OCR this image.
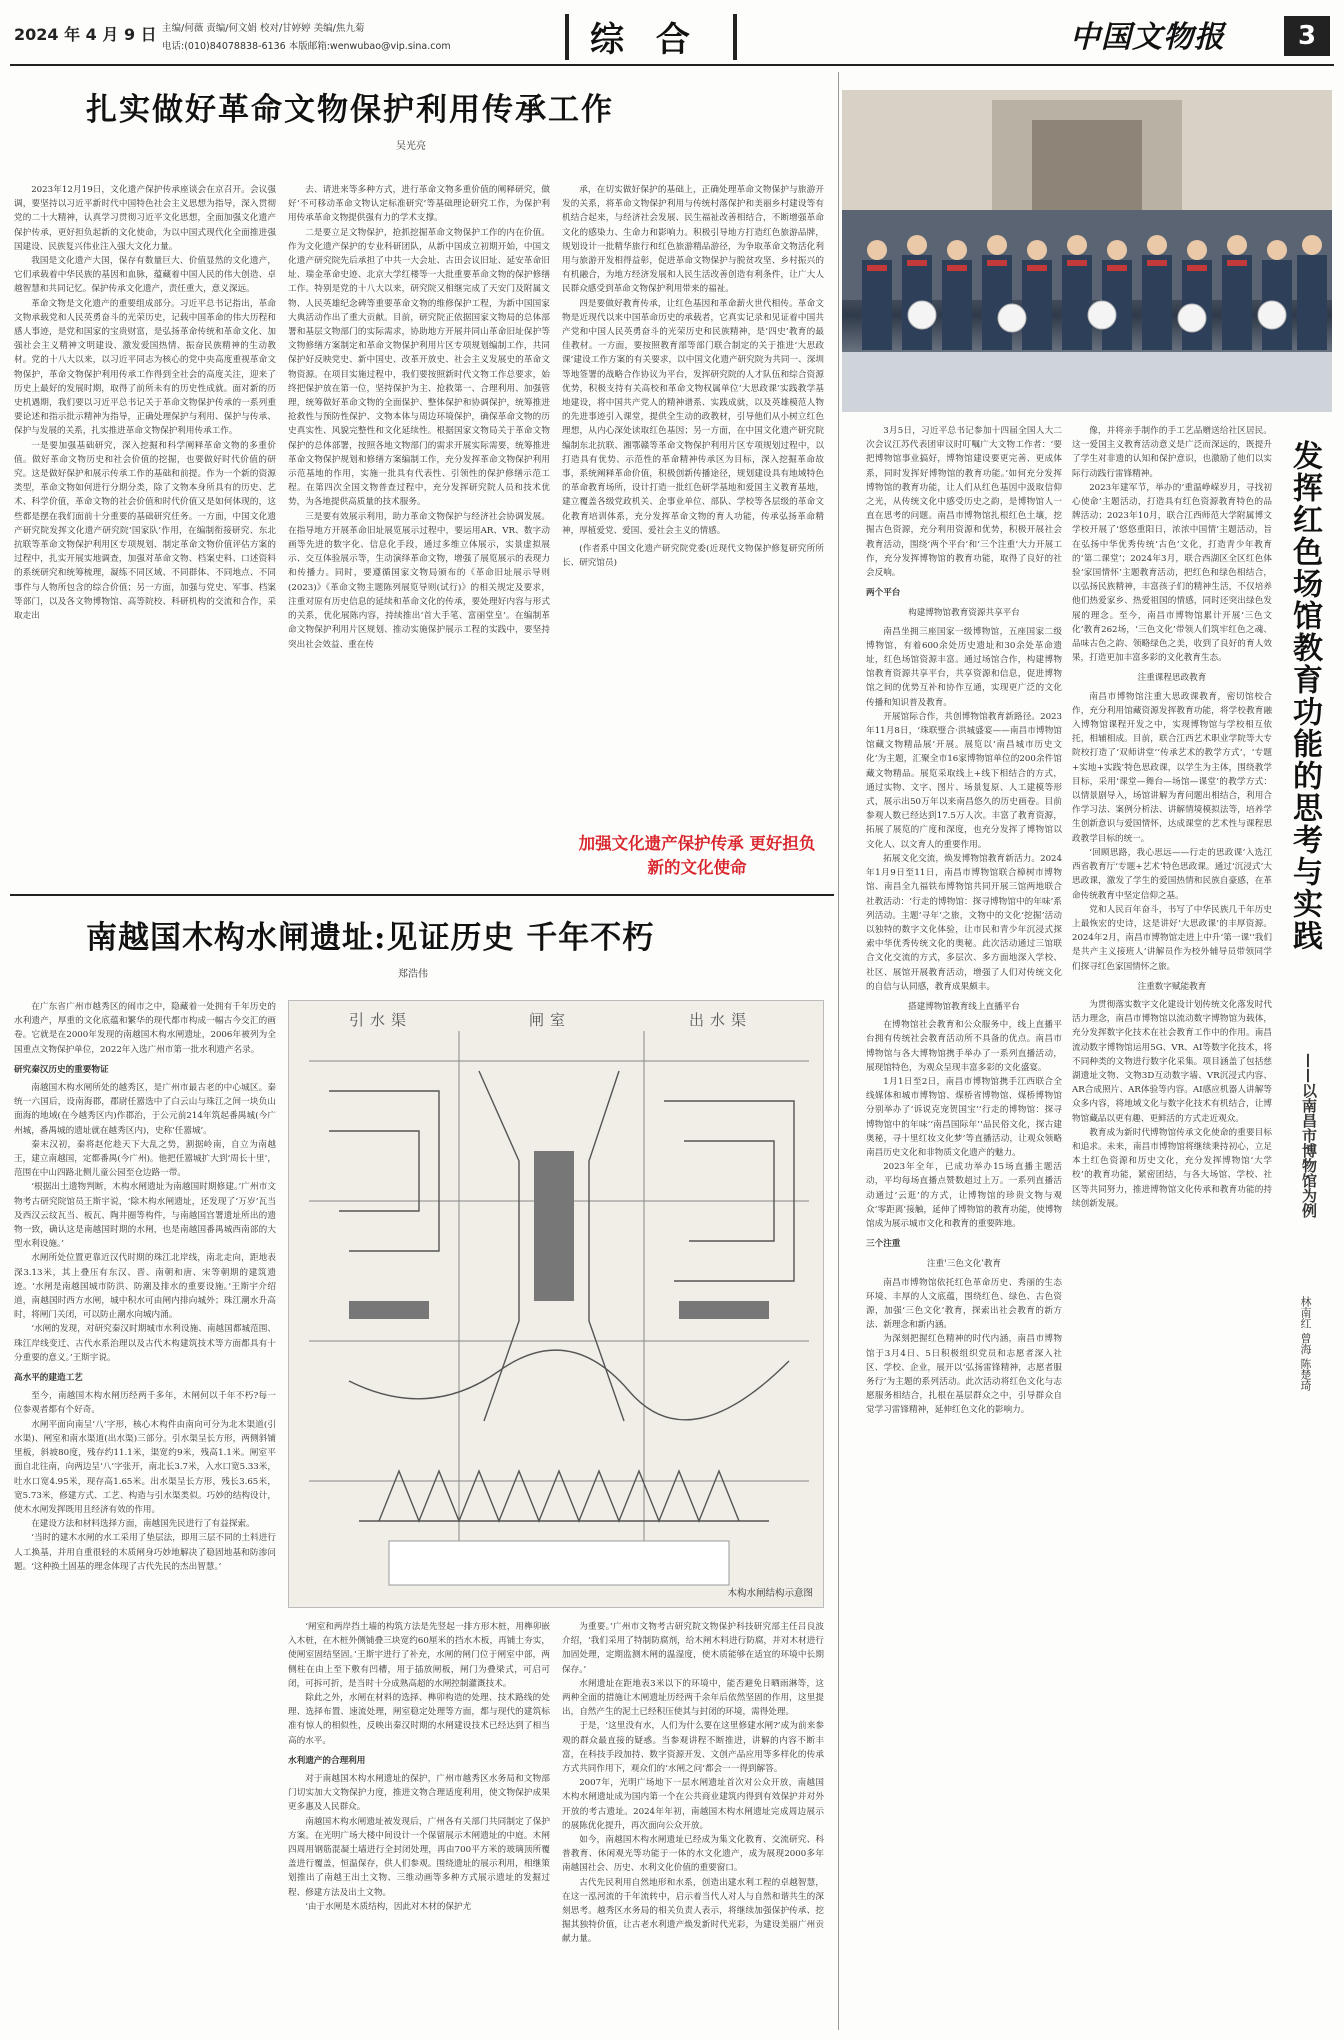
2024 年 4 月 9 日 主编/何薇 责编/何文娟 校对/甘婷婷 美编/焦九菊
电话:(010)84078838-6136 本版邮箱:wenwubao@vip.sina.com	综 合	中国文物报	3
扎实做好革命文物保护利用传承工作
吴光亮

2023年12月19日，文化遗产保护传承座谈会在京召开。会议强调，要坚持以习近平新时代中国特色社会主义思想为指导，深入贯彻党的二十大精神，认真学习贯彻习近平文化思想，全面加强文化遗产保护传承，更好担负起新的文化使命，为以中国式现代化全面推进强国建设、民族复兴伟业注入强大文化力量。

我国是文化遗产大国，保存有数量巨大、价值显然的文化遗产，它们承载着中华民族的基因和血脉，蕴藏着中国人民的伟大创造、卓越智慧和共同记忆。保护传承文化遗产，责任重大，意义深远。

革命文物是文化遗产的重要组成部分。习近平总书记指出，革命文物承载党和人民英勇奋斗的光荣历史，记载中国革命的伟大历程和感人事迹，是党和国家的宝贵财富，是弘扬革命传统和革命文化、加强社会主义精神文明建设、激发爱国热情、振奋民族精神的生动教材。党的十八大以来，以习近平同志为核心的党中央高度重视革命文物保护，革命文物保护利用传承工作得到全社会的高度关注，迎来了历史上最好的发展时期，取得了前所未有的历史性成就。面对新的历史机遇期，我们要以习近平总书记关于革命文物保护传承的一系列重要论述和指示批示精神为指导，正确处理保护与利用、保护与传承、保护与发展的关系，扎实推进革命文物保护利用传承工作。

一是要加强基础研究，深入挖掘和科学阐释革命文物的多重价值。做好革命文物历史和社会价值的挖掘，也要做好时代价值的研究。这是做好保护和展示传承工作的基础和前提。作为一个新的资源类型，革命文物如何进行分期分类，除了文物本身所具有的历史、艺术、科学价值，革命文物的社会价值和时代价值又是如何体现的，这些都是摆在我们面前十分重要的基础研究任务。一方面，中国文化遗产研究院发挥文化遗产研究院‘国家队’作用，在编制衔接研究、东北抗联等革命文物保护利用区专项规划、制定革命文物价值评估方案的过程中，扎实开展实地调查，加强对革命文物、档案史料、口述资料的系统研究和统筹梳理，凝练不同区域、不同群体、不同地点、不同事件与人物所包含的综合价值；另一方面，加强与党史、军事、档案等部门，以及各文物博物馆、高等院校、科研机构的交流和合作，采取走出

去、请进来等多种方式，进行革命文物多重价值的阐释研究，做好‘不可移动革命文物认定标准研究’等基础理论研究工作，为保护利用传承革命文物提供强有力的学术支撑。

二是要立足文物保护，抢抓挖掘革命文物保护工作的内在价值。作为文化遗产保护的专业科研团队，从新中国成立初期开始，中国文化遗产研究院先后承担了中共一大会址、古田会议旧址、延安革命旧址、瑞金革命史迹、北京大学红楼等一大批重要革命文物的保护修缮工作。特别是党的十八大以来，研究院又相继完成了天安门及附属文物、人民英雄纪念碑等重要革命文物的维修保护工程，为新中国国家大典活动作出了重大贡献。目前，研究院正依据国家文物局的总体部署和基层文物部门的实际需求，协助地方开展并同山革命旧址保护等文物修缮方案制定和革命文物保护利用片区专项规划编制工作，共同保护好反映党史、新中国史、改革开放史、社会主义发展史的革命文物资源。在项目实施过程中，我们要按照新时代文物工作总要求，始终把保护放在第一位，坚持保护为主、抢救第一、合理利用、加强管理，统筹做好革命文物的全面保护、整体保护和协调保护，统筹推进抢救性与预防性保护、文物本体与周边环境保护，确保革命文物的历史真实性、风貌完整性和文化延续性。根据国家文物局关于革命文物保护的总体部署，按照各地文物部门的需求开展实际需要，统筹推进革命文物保护规划和修缮方案编制工作，充分发挥革命文物保护利用示范基地的作用，实施一批具有代表性、引领性的保护修缮示范工程。在第四次全国文物普查过程中，充分发挥研究院人员和技术优势，为各地提供高质量的技术服务。

三是要有效展示利用，助力革命文物保护与经济社会协调发展。在指导地方开展革命旧址展览展示过程中，要运用AR、VR、数字动画等先进的数字化、信息化手段，通过多维立体展示，实景虚拟展示、交互体验展示等，生动演绎革命文物，增强了展览展示的表现力和传播力。同时，要遵循国家文物局颁布的《革命旧址展示导则(2023)》《革命文物主题陈列展览导则(试行)》的相关规定及要求，注重对原有历史信息的延续和革命文化的传承，要处理好内容与形式的关系，优化展陈内容，持续推出‘首大手笔、富丽堂皇’。在编制革命文物保护利用片区规划、推动实施保护展示工程的实践中，要坚持突出社会效益、重在传

承，在切实做好保护的基础上，正确处理革命文物保护与旅游开发的关系，将革命文物保护利用与传统村落保护和美丽乡村建设等有机结合起来，与经济社会发展、民生福祉改善相结合，不断增强革命文化的感染力、生命力和影响力。积极引导地方打造红色旅游品牌，规划设计一批精华旅行和红色旅游精品游径，为争取革命文物活化利用与旅游开发相得益彰，促进革命文物保护与脱贫攻坚、乡村振兴的有机融合，为地方经济发展和人民生活改善创造有利条件，让广大人民群众感受到革命文物保护利用带来的福祉。

四是要做好教育传承，让红色基因和革命薪火世代相传。革命文物是近现代以来中国革命历史的承载者，它真实记录和见证着中国共产党和中国人民英勇奋斗的光荣历史和民族精神，是‘四史’教育的最佳教材。一方面，要按照教育部等部门联合制定的关于推进‘大思政课’建设工作方案的有关要求，以中国文化遗产研究院为共同一、深圳等地签署的战略合作协议为平台，发挥研究院的人才队伍和综合资源优势，积极支持有关高校和革命文物权属单位‘大思政课’实践教学基地建设，将中国共产党人的精神谱系、实践成就，以及英雄模范人物的先进事迹引入课堂，提供全生动的政教材，引导他们从小树立红色理想，从内心深处读取红色基因；另一方面，在中国文化遗产研究院编制东北抗联、湘鄂赣等革命文物保护利用片区专项规划过程中，以打造具有优势、示范性的革命精神传承区为目标，深入挖掘革命故事，系统阐释革命价值，积极创新传播途径，规划建设具有地域特色的革命教育场所，设计打造一批红色研学基地和爱国主义教育基地，建立覆盖各级党政机关、企事业单位、部队、学校等各层级的革命文化教育培训体系，充分发挥革命文物的育人功能，传承弘扬革命精神，厚植爱党、爱国、爱社会主义的情感。

(作者系中国文化遗产研究院党委(近现代文物保护修复研究所所长、研究馆员)

加强文化遗产保护传承 更好担负新的文化使命
南越国木构水闸遗址:见证历史 千年不朽
郑浩伟

在广东省广州市越秀区的闹市之中，隐藏着一处拥有千年历史的水利遗产，厚重的文化底蕴和繁华的现代都市构成一幅古今交汇的画卷。它就是在2000年发现的南越国木构水闸遗址，2006年被列为全国重点文物保护单位，2022年入选广州市第一批水利遗产名录。

研究秦汉历史的重要物证

南越国木构水闸所处的越秀区，是广州市最古老的中心城区。秦统一六国后，设南海郡，郡尉任嚣选中了白云山与珠江之间一块负山面海的地域(在今越秀区内)作郡治，于公元前214年筑起番禺城(今广州城，番禺城的遗址就在越秀区内)，史称‘任嚣城’。

秦末汉初，秦将赵佗趁天下大乱之势，割据岭南，自立为南越王，建立南越国，定都番禺(今广州)。他把任嚣城扩大到‘周长十里’，范围在中山四路北侧儿童公园至仓边路一带。

‘根据出土遗物判断，木构水闸遗址为南越国时期修建。’广州市文物考古研究院馆员王斯宇说，‘除木构水闸遗址，还发现了‘万岁’瓦当及西汉云纹瓦当、板瓦、陶井圈等构件，与南越国宫署遗址所出的遗物一致，确认这是南越国时期的水闸，也是南越国番禺城西南部的大型水利设施。’

水闸所处位置更靠近汉代时期的珠江北岸线，南北走向，距地表深3.13米，其上叠压有东汉、晋、南朝和唐、宋等朝期的建筑遗迹。‘水闸是南越国城市防洪、防潮及排水的重要设施。’王斯宇介绍道，南越国时西方水闸，城中积水可由闸内排向城外；珠江潮水升高时，将闸门关闭，可以防止潮水向城内涌。

‘水闸的发现，对研究秦汉时期城市水利设施、南越国都城范围、珠江岸线变迁、古代水系治理以及古代木构建筑技术等方面都具有十分重要的意义。’王斯宇说。

高水平的建造工艺

至今，南越国木构水闸历经两千多年，木闸何以千年不朽?每一位参观者都有个好奇。

水闸平面向南呈‘八’字形，核心木构件由南向可分为北木渠道(引水渠)、闸室和南水渠道(出水渠)三部分。引水渠呈长方形，两侧斜铺里板，斜坡80度，残存约11.1米，渠宽约9米，残高1.1米。闸室平面自北往南，向两边呈‘八’字张开，南北长3.7米，入水口宽5.33米，吐水口宽4.95米，现存高1.65米。出水渠呈长方形，残长3.65米，宽5.73米，修建方式、工艺、构造与引水渠类似。巧妙的结构设计，使木水闸发挥既用且经济有效的作用。

在建设方法和材料选择方面，南越国先民进行了有益探索。

‘当时的建木水闸的水工采用了垫层法，即用三层不同的土料进行人工换基，并用自重很轻的木质闸身巧妙地解决了稳固地基和防渗问题。‘这种换土固基的理念体现了古代先民的杰出智慧。’

引水渠	闸室	出水渠
木构水闸结构示意图

‘闸室和两岸挡土墙的构筑方法是先竖起一排方形木桩，用榫卯嵌入木桩，在木桩外侧铺叠三块宽约60厘米的挡水木板，再铺土夯实，使闸室固结坚固。’王斯宇进行了补充，水闸的闸门位于闸室中部，两侧柱在由上至下敷有凹槽，用于插放闸板，闸门为叠梁式，可启可闭，可拆可折，是当时十分成熟高超的水闸控制灌溉技术。

除此之外，水闸在材料的选择、榫卯构造的处理、技术路线的处理、选择布置、速流处理，闸室稳定处理等方面，都与现代的建筑标准有惊人的相似性，反映出秦汉时期的水闸建设技术已经达到了相当高的水平。

水利遗产的合理利用

对于南越国木构水闸遗址的保护，广州市越秀区水务局和文物部门切实加大文物保护力度，推进文物合理适度利用，使文物保护成果更多惠及人民群众。

南越国木构水闸遗址被发现后，广州各有关部门共同制定了保护方案。在光明广场大楼中间设计一个保留展示木闸遗址的中庭。木闸四周用钢筋混凝土墙进行全封闭处理，再由700平方米的玻璃顶所覆盖进行覆盖，恒温保存，供人们参观。围绕遗址的展示利用，相继策划推出了南越王出土文物、三维动画等多种方式展示遗址的发掘过程、修建方法及出土文物。

‘由于水闸是木质结构，因此对木材的保护尤

为重要。’广州市文物考古研究院文物保护科技研究部主任吕良波介绍，‘我们采用了特制防腐剂，给木闸木料进行防腐，并对木材进行加固处理，定期监测木闸的温湿度，使木质能够在适宜的环境中长期保存。’

水闸遗址在距地表3米以下的环境中，能否避免日晒雨淋等，这两种全面的措施让木闸遗址历经两千余年后依然坚固的作用，这里提出，自然产生的泥土已经积压使其与封闭的环境，需得处理。

于是，‘这里没有水，人们为什么要在这里修建水闸?’成为前来参观的群众最直接的疑惑。当参观讲程不断推进，讲解的内容不断丰富，在科技手段加持、数字资源开发、文创产品应用等多样化的传承方式共同作用下，观众们的‘水闸之问’都会一一得到解答。

2007年，光明广场地下一层水闸遗址首次对公众开放，南越国木构水闸遗址成为国内第一个在公共商业建筑内得到有效保护并对外开放的考古遗址。2024年年初，南越国木构水闸遗址完成周边展示的展陈优化提升，再次面向公众开放。

如今，南越国木构水闸遗址已经成为集文化教育、交流研究、科普教育、休闲观光等功能于一体的水文化遗产，成为展现2000多年南越国社会、历史、水利文化价值的重要窗口。

古代先民利用自然地形和水系，创造出建水利工程的卓越智慧，在这一泓河流的千年流转中，启示着当代人对人与自然和谐共生的深刻思考。越秀区水务局的相关负责人表示，将继续加强保护传承、挖掘其独特价值，让古老水利遗产焕发新时代光彩，为建设美丽广州贡献力量。

发挥红色场馆教育功能的思考与实践
——以南昌市博物馆为例
林南红 曾海 陈楚琦

3月5日，习近平总书记参加十四届全国人大二次会议江苏代表团审议时叮嘱广大文物工作者：‘要把博物馆事业搞好，博物馆建设要更完善、更成体系，同时发挥好博物馆的教育功能。’如何充分发挥博物馆的教育功能，让人们从红色基因中汲取信仰之光，从传统文化中感受历史之韵，是博物馆人一直在思考的问题。南昌市博物馆扎根红色土壤，挖掘古色资源，充分利用资源和优势，积极开展社会教育活动，围绕‘两个平台’和‘三个注重’大力开展工作，充分发挥博物馆的教育功能，取得了良好的社会反响。

两个平台

构建博物馆教育资源共享平台

南昌坐拥三座国家一级博物馆，五座国家二级博物馆，有着600余处历史遗址和30余处革命遗址，红色场馆资源丰富。通过场馆合作，构建博物馆教育资源共享平台，共享资源和信息，促进博物馆之间的优势互补和协作互通，实现更广泛的文化传播和知识普及教育。

开展馆际合作，共创博物馆教育新路径。2023年11月8日，‘珠联璧合·洪城盛宴——南昌市博物馆馆藏文物精品展’开展。展览以‘南昌城市历史文化’为主题，汇聚全市16家博物馆单位的200余件馆藏文物精品。展览采取线上+线下相结合的方式，通过实物、文字、图片、场景复原、人工建模等形式，展示出50万年以来南昌悠久的历史画卷。目前参观人数已经达到17.5万人次。丰富了教育资源，拓展了展览的广度和深度，也充分发挥了博物馆以文化人、以文育人的重要作用。

拓展文化交流，焕发博物馆教育新活力。2024年1月9日至11日，南昌市博物馆联合樟树市博物馆、南昌全九福铁布博物馆共同开展三馆两地联合社教活动：‘行走的博物馆：探寻博物馆中的年味’系列活动。主题‘寻年’之旅，文物中的文化‘挖掘’活动以独特的数字文化体验，让市民和青少年沉浸式探索中华优秀传统文化的奥秘。此次活动通过三馆联合文化交流的方式，多层次、多方面地深入学校、社区、展馆开展教育活动，增强了人们对传统文化的自信与认同感，教育成果颇丰。

搭建博物馆教育线上直播平台

在博物馆社会教育和公众服务中，线上直播平台拥有传统社会教育活动所不具备的优点。南昌市博物馆与各大博物馆携手举办了一系列直播活动，展现馆特色，为观众呈现丰富多彩的文化盛宴。

1月1日至2日，南昌市博物馆携手江西联合全线媒体和城市博物馆、煤桥省博物馆、煤桥博物馆分别举办了‘诉说克宠贺国宝’‘行走的博物馆：探寻博物馆中的年味’‘南昌国际年’‘品民俗文化，探古建奥秘，寻十里红妆文化梦’等直播活动，让观众领略南昌历史文化和非物质文化遗产的魅力。

2023年全年，已成功举办15场直播主题活动，平均每场直播点赞数超过上万。一系列直播活动通过‘云逛’的方式，让博物馆的珍贵文物与观众‘零距离’接触，延伸了博物馆的教育功能，使博物馆成为展示城市文化和教育的重要阵地。

三个注重

注重‘三色文化’教育

南昌市博物馆依托红色革命历史、秀丽的生态环境、丰厚的人文底蕴，围绕红色、绿色、古色资源，加强‘三色文化’教育，探索出社会教育的新方法、新理念和新内涵。

为深刻把握红色精神的时代内涵，南昌市博物馆于3月4日、5日积极组织党员和志愿者深入社区、学校、企业，展开以‘弘扬雷锋精神，志愿者服务行’为主题的系列活动。此次活动将红色文化与志愿服务相结合，扎根在基层群众之中，引导群众自觉学习雷锋精神，延伸红色文化的影响力。

像，并将亲手制作的手工艺品赠送给社区居民。这一爱国主义教育活动意义是广泛而深远的，既提升了学生对非遗的认知和保护意识，也激励了他们以实际行动践行雷锋精神。

2023年建军节，举办的‘重温峥嵘岁月，寻找初心使命’主题活动，打造具有红色资源教育特色的品牌活动；2023年10月，联合江西师范大学附属博文学校开展了‘悠悠重阳日，浓浓中国情’主题活动，旨在弘扬中华优秀传统‘古色’文化，打造青少年教育的‘第二课堂’；2024年3月，联合西湖区全区红色体验‘家国情怀’主题教育活动，把红色和绿色相结合，以弘扬民族精神，丰富孩子们的精神生活，不仅培养他们热爱家乡、热爱祖国的情感，同时还突出绿色发展的理念。至今，南昌市博物馆累计开展‘三色文化’教育262场，‘三色文化’带领人们筑牢红色之魂、品味古色之韵、领略绿色之美，收到了良好的育人效果，打造更加丰富多彩的文化教育生态。

注重课程思政教育

南昌市博物馆注重大思政课教育，密切馆校合作，充分利用馆藏资源发挥教育功能，将学校教育融入博物馆课程开发之中，实现博物馆与学校相互依托，相辅相成。目前，联合江西艺术职业学院等大专院校打造了‘双师讲堂’‘传承艺术的教学方式’，‘专题+实地+实践’特色思政课，以学生为主体，围绕教学目标，采用‘课堂—舞台—场馆—课堂’的教学方式：以情景剧导入，场馆讲解为育问题出相结合，利用合作学习法、案例分析法、讲解情境模拟法等，培养学生创新意识与爱国情怀，达成课堂的艺术性与课程思政教学目标的统一。

‘回顾思路，我心思远——行走的思政课’入选江西省教育厅‘专题+艺术’特色思政课。通过‘沉浸式’大思政课，激发了学生的爱国热情和民族自豪感，在革命传统教育中坚定信仰之基。

党和人民百年奋斗，书写了中华民族几千年历史上最恢宏的史诗，这是讲好‘大思政课’的丰厚资源。2024年2月，南昌市博物馆走进上中升‘第一课’‘我们是共产主义接班人’讲解员作为校外辅导员带领同学们探寻红色家国情怀之旅。

注重数字赋能教育

为贯彻落实数字文化建设计划传统文化落发时代活力理念，南昌市博物馆以流动数字博物馆为载体，充分发挥数字化技术在社会教育工作中的作用。南昌流动数字博物馆运用5G、VR、AI等数字化技术，将不同种类的文物进行数字化采集。项目涵盖了包括慈湖遗址文物、文物3D互动数字墙、VR沉浸式内容、AR合成照片、AR体验等内容。AI感应机器人讲解等众多内容，将地域文化与数字化技术有机结合，让博物馆藏品以更有趣、更鲜活的方式走近观众。

教育成为新时代博物馆传承文化使命的重要目标和追求。未来，南昌市博物馆将继续秉持初心，立足本土红色资源和历史文化，充分发挥博物馆‘大学校’的教育功能，紧密团结，与各大场馆、学校、社区等共同努力，推进博物馆文化传承和教育功能的持续创新发展。
